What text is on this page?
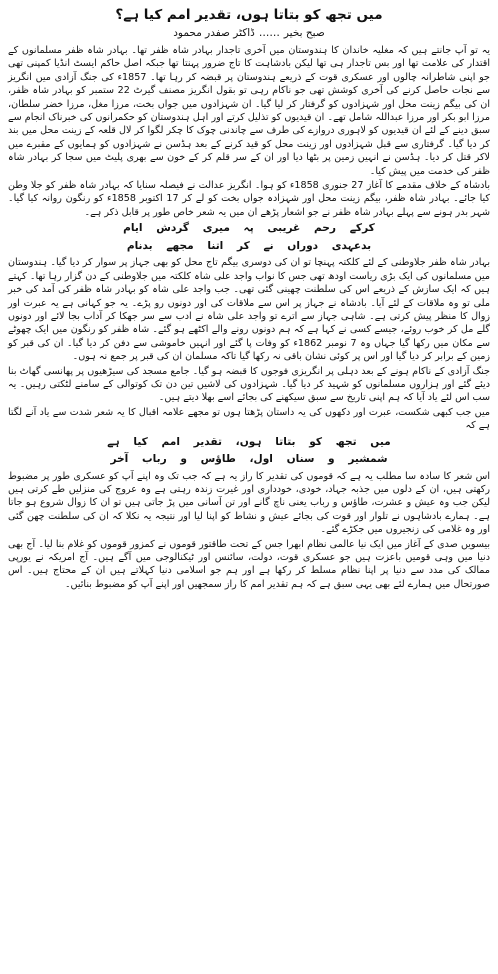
میں تجھ کو بتاتا ہوں، تقدیر امم کیا ہے؟
صبح بخیر……ڈاکٹر صفدر محمود

یہ تو آپ جانتے ہیں کہ مغلیہ خاندان کا ہندوستان میں آخری تاجدار بہادر شاہ ظفر تھا۔ بہادر شاہ ظفر مسلمانوں کے اقتدار کی علامت تھا اور بس تاجدار ہی تھا لیکن بادشاہت کا تاج ضرور پہنتا تھا جبکہ اصل حاکم ایسٹ انڈیا کمپنی تھی جو اپنی شاطرانہ چالوں اور عسکری قوت کے ذریعے ہندوستان پر قبضہ کر رہا تھا۔ 1857ء کی جنگ آزادی میں انگریز سے نجات حاصل کرنے کی آخری کوشش تھی جو ناکام رہی تو بقول انگریز مصنف گیرٹ 22 ستمبر کو بہادر شاہ ظفر، ان کی بیگم زینت محل اور شہزادوں کو گرفتار کر لیا گیا۔ ان شہزادوں میں جواں بخت، مرزا مغل، مرزا خضر سلطان، مرزا ابو بکر اور مرزا عبداللہ شامل تھے۔ ان قیدیوں کو تذلیل کرتے اور اہل ہندوستان کو حکمرانوں کی خبرناک انجام سے سبق دینے کے لئے ان قیدیوں کو لاہوری دروازے کی طرف سے چاندنی چوک کا چکر لگوا کر لال قلعہ کے زینت محل میں بند کر دیا گیا۔ گرفتاری سے قبل شہزادوں اور زینت محل کو قید کرنے کے بعد ہڈسن نے شہزادوں کو ہمایوں کے مقبرے میں لاکر قتل کر دیا۔ ہڈسن نے انہیں زمین پر بٹھا دیا اور ان کے سر قلم کر کے خون سے بھری پلیٹ میں سجا کر بہادر شاہ ظفر کی خدمت میں پیش کیا۔

بادشاہ کے خلاف مقدمے کا آغاز 27 جنوری 1858ء کو ہوا۔ انگریز عدالت نے فیصلہ سنایا کہ بہادر شاہ ظفر کو جلا وطن کیا جائے۔ بہادر شاہ ظفر، بیگم زینت محل اور شہزادہ جواں بخت کو لے کر 17 اکتوبر 1858ء کو رنگون روانہ کیا گیا۔ شہر بدر ہونے سے پہلے بہادر شاہ ظفر نے جو اشعار پڑھے ان میں یہ شعر خاص طور پر قابل ذکر ہے۔

کرکے رحم غریبی پہ میری گردش ایام
بدعہدی دوراں نے کر اتنا مجھے بدنام

بہادر شاہ ظفر جلاوطنی کے لئے کلکتہ پہنچا تو ان کی دوسری بیگم تاج محل کو بھی جہاز پر سوار کر دیا گیا۔ ہندوستان میں مسلمانوں کی ایک بڑی ریاست اودھ تھی جس کا نواب واجد علی شاہ کلکتہ میں جلاوطنی کے دن گزار رہا تھا۔ کہتے ہیں کہ ایک سازش کے ذریعے اس کی سلطنت چھینی گئی تھی۔ جب واجد علی شاہ کو بہادر شاہ ظفر کی آمد کی خبر ملی تو وہ ملاقات کے لئے آیا۔ بادشاہ نے جہاز پر اس سے ملاقات کی اور دونوں رو پڑے۔ یہ جو کہانی ہے یہ عبرت اور زوال کا منظر پیش کرتی ہے۔ شاہی جہاز سے اترے تو واجد علی شاہ نے ادب سے سر جھکا کر آداب بجا لائے اور دونوں گلے مل کر خوب روئے، جیسے کسی نے کہا ہے کہ ہم دونوں رونے والے اکٹھے ہو گئے۔ شاہ ظفر کو رنگون میں ایک چھوٹے سے مکان میں رکھا گیا جہاں وہ 7 نومبر 1862ء کو وفات پا گئے اور انہیں خاموشی سے دفن کر دیا گیا۔ ان کی قبر کو زمین کے برابر کر دیا گیا اور اس پر کوئی نشان باقی نہ رکھا گیا تاکہ مسلمان ان کی قبر پر جمع نہ ہوں۔

جنگ آزادی کے ناکام ہونے کے بعد دہلی پر انگریزی فوجوں کا قبضہ ہو گیا۔ جامع مسجد کی سیڑھیوں پر پھانسی گھاٹ بنا دیئے گئے اور ہزاروں مسلمانوں کو شہید کر دیا گیا۔ شہزادوں کی لاشیں تین دن تک کوتوالی کے سامنے لٹکتی رہیں۔ یہ سب اس لئے یاد آیا کہ ہم اپنی تاریخ سے سبق سیکھنے کی بجائے اسے بھلا دیتے ہیں۔

میں جب کبھی شکست، عبرت اور دکھوں کی یہ داستان پڑھتا ہوں تو مجھے علامہ اقبال کا یہ شعر شدت سے یاد آنے لگتا ہے کہ

میں تجھ کو بتاتا ہوں، تقدیر امم کیا ہے
شمشیر و سناں اول، طاؤس و رباب آخر

اس شعر کا سادہ سا مطلب یہ ہے کہ قوموں کی تقدیر کا راز یہ ہے کہ جب تک وہ اپنے آپ کو عسکری طور پر مضبوط رکھتی ہیں، ان کے دلوں میں جذبہ جہاد، خودی، خودداری اور غیرت زندہ رہتی ہے وہ عروج کی منزلیں طے کرتی ہیں لیکن جب وہ عیش و عشرت، طاؤس و رباب یعنی ناچ گانے اور تن آسانی میں پڑ جاتی ہیں تو ان کا زوال شروع ہو جاتا ہے۔ ہمارے بادشاہوں نے تلوار اور قوت کی بجائے عیش و نشاط کو اپنا لیا اور نتیجہ یہ نکلا کہ ان کی سلطنت چھن گئی اور وہ غلامی کی زنجیروں میں جکڑے گئے۔

بیسویں صدی کے آغاز میں ایک نیا عالمی نظام ابھرا جس کے تحت طاقتور قوموں نے کمزور قوموں کو غلام بنا لیا۔ آج بھی دنیا میں وہی قومیں باعزت ہیں جو عسکری قوت، دولت، سائنس اور ٹیکنالوجی میں آگے ہیں۔ آج امریکہ نے یورپی ممالک کی مدد سے دنیا پر اپنا نظام مسلط کر رکھا ہے اور ہم جو اسلامی دنیا کہلاتے ہیں ان کے محتاج ہیں۔ اس صورتحال میں ہمارے لئے بھی یہی سبق ہے کہ ہم تقدیر امم کا راز سمجھیں اور اپنے آپ کو مضبوط بنائیں۔
